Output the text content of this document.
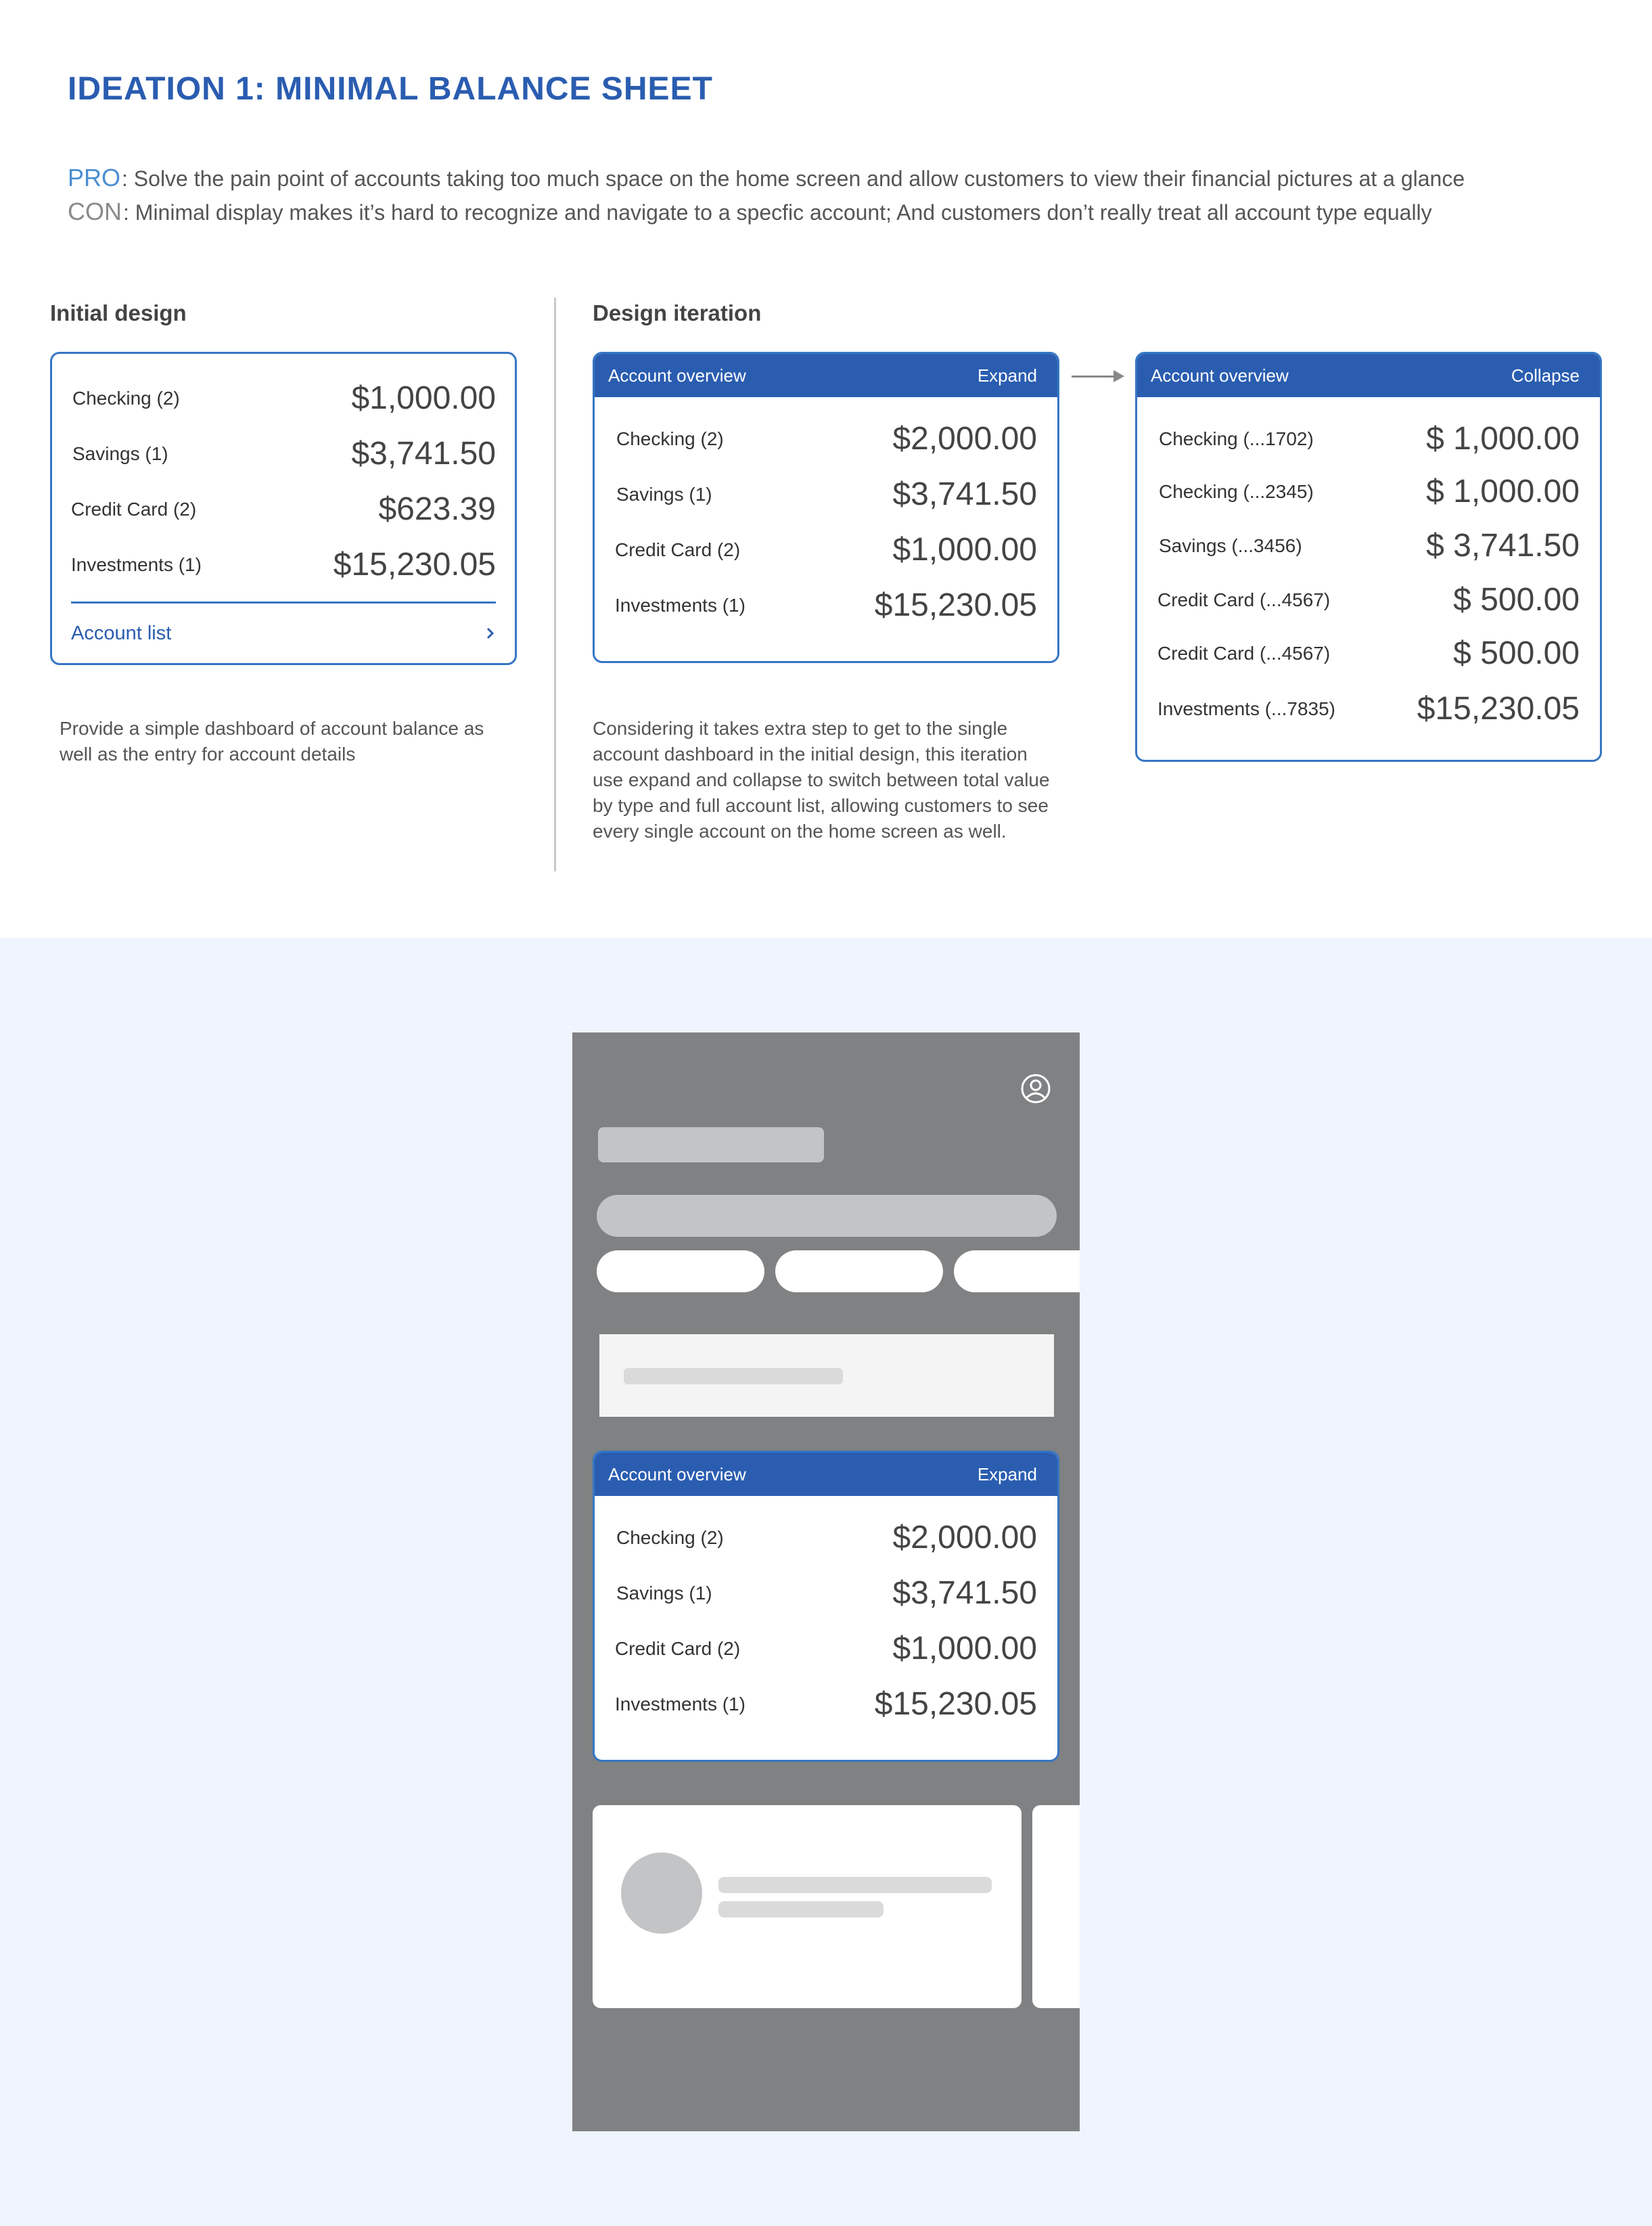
IDEATION 1: MINIMAL BALANCE SHEET
PRO: Solve the pain point of accounts taking too much space on the home screen and allow customers to view their financial pictures at a glance
CON: Minimal display makes it’s hard to recognize and navigate to a specfic account; And customers don’t really treat all account type equally
Initial design
Checking (2)	$1,000.00
Savings (1)	$3,741.50
Credit Card (2)	$623.39
Investments (1)	$15,230.05
Account list
Provide a simple dashboard of account balance as well as the entry for account details
Design iteration
Account overview	Expand
Checking (2)	$2,000.00
Savings (1)	$3,741.50
Credit Card (2)	$1,000.00
Investments (1)	$15,230.05
Account overview	Collapse
Checking (...1702)	$ 1,000.00
Checking (...2345)	$ 1,000.00
Savings (...3456)	$ 3,741.50
Credit Card (...4567)	$ 500.00
Credit Card (...4567)	$ 500.00
Investments (...7835)	$15,230.05
Considering it takes extra step to get to the single account dashboard in the initial design, this iteration use expand and collapse to switch between total value by type and full account list, allowing customers to see every single account on the home screen as well.
Account overview	Expand
Checking (2)	$2,000.00
Savings (1)	$3,741.50
Credit Card (2)	$1,000.00
Investments (1)	$15,230.05
